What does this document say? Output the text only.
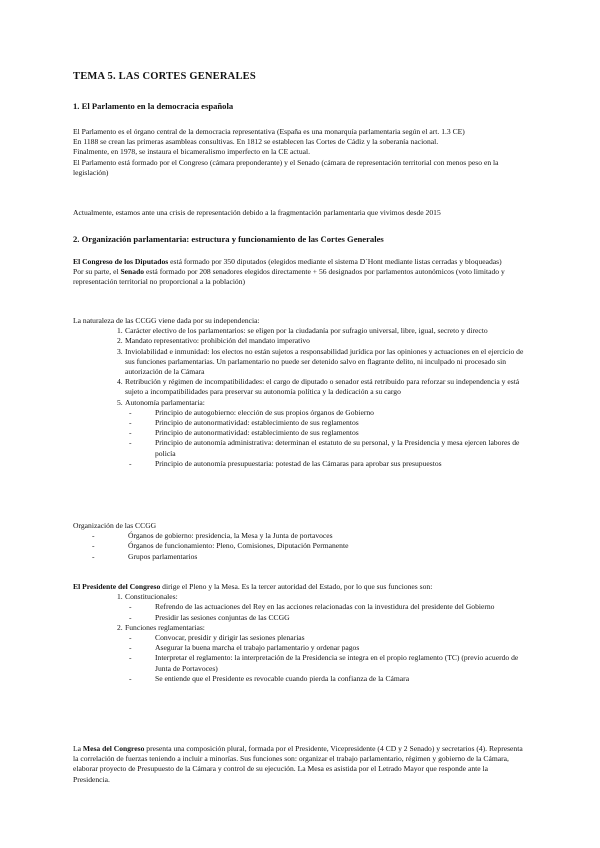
TEMA 5. LAS CORTES GENERALES
1. El Parlamento en la democracia española

El Parlamento es el órgano central de la democracia representativa (España es una monarquía parlamentaria según el art. 1.3 CE)

En 1188 se crean las primeras asambleas consultivas. En 1812 se establecen las Cortes de Cádiz y la soberanía nacional.

Finalmente, en 1978, se instaura el bicameralismo imperfecto en la CE actual.

El Parlamento está formado por el Congreso (cámara preponderante) y el Senado (cámara de representación territorial con menos peso en la legislación)

Actualmente, estamos ante una crisis de representación debido a la fragmentación parlamentaria que vivimos desde 2015
2. Organización parlamentaria: estructura y funcionamiento de las Cortes Generales

El Congreso de los Diputados está formado por 350 diputados (elegidos mediante el sistema D´Hont mediante listas cerradas y bloqueadas)

Por su parte, el Senado está formado por 208 senadores elegidos directamente + 56 designados por parlamentos autonómicos (voto limitado y representación territorial no proporcional a la población)

La naturaleza de las CCGG viene dada por su independencia:

1. Carácter electivo de los parlamentarios: se eligen por la ciudadanía por sufragio universal, libre, igual, secreto y directo
2. Mandato representativo: prohibición del mandato imperativo
3. Inviolabilidad e inmunidad: los electos no están sujetos a responsabilidad jurídica por las opiniones y actuaciones en el ejercicio de sus funciones parlamentarias. Un parlamentario no puede ser detenido salvo en flagrante delito, ni inculpado ni procesado sin autorización de la Cámara
4. Retribución y régimen de incompatibilidades: el cargo de diputado o senador está retribuido para reforzar su independencia y está sujeto a incompatibilidades para preservar su autonomía política y la dedicación a su cargo
5. Autonomía parlamentaria:
-	Principio de autogobierno: elección de sus propios órganos de Gobierno
-	Principio de autonormatividad: establecimiento de sus reglamentos
-	Principio de autonormatividad: establecimiento de sus reglamentos
-	Principio de autonomía administrativa: determinan el estatuto de su personal, y la Presidencia y mesa ejercen labores de policía
-	Principio de autonomía presupuestaria: potestad de las Cámaras para aprobar sus presupuestos

Organización de las CCGG

-	Órganos de gobierno: presidencia, la Mesa y la Junta de portavoces
-	Órganos de funcionamiento: Pleno, Comisiones, Diputación Permanente
-	Grupos parlamentarios

El Presidente del Congreso dirige el Pleno y la Mesa. Es la tercer autoridad del Estado, por lo que sus funciones son:

1. Constitucionales:
-	Refrendo de las actuaciones del Rey en las acciones relacionadas con la investidura del presidente del Gobierno
-	Presidir las sesiones conjuntas de las CCGG
2. Funciones reglamentarias:
-	Convocar, presidir y dirigir las sesiones plenarias
-	Asegurar la buena marcha el trabajo parlamentario y ordenar pagos
-	Interpretar el reglamento: la interpretación de la Presidencia se integra en el propio reglamento (TC) (previo acuerdo de Junta de Portavoces)
-	Se entiende que el Presidente es revocable cuando pierda la confianza de la Cámara

La Mesa del Congreso presenta una composición plural, formada por el Presidente, Vicepresidente (4 CD y 2 Senado) y secretarios (4). Representa la correlación de fuerzas teniendo a incluir a minorías. Sus funciones son: organizar el trabajo parlamentario, régimen y gobierno de la Cámara, elaborar proyecto de Presupuesto de la Cámara y control de su ejecución. La Mesa es asistida por el Letrado Mayor que responde ante la Presidencia.
